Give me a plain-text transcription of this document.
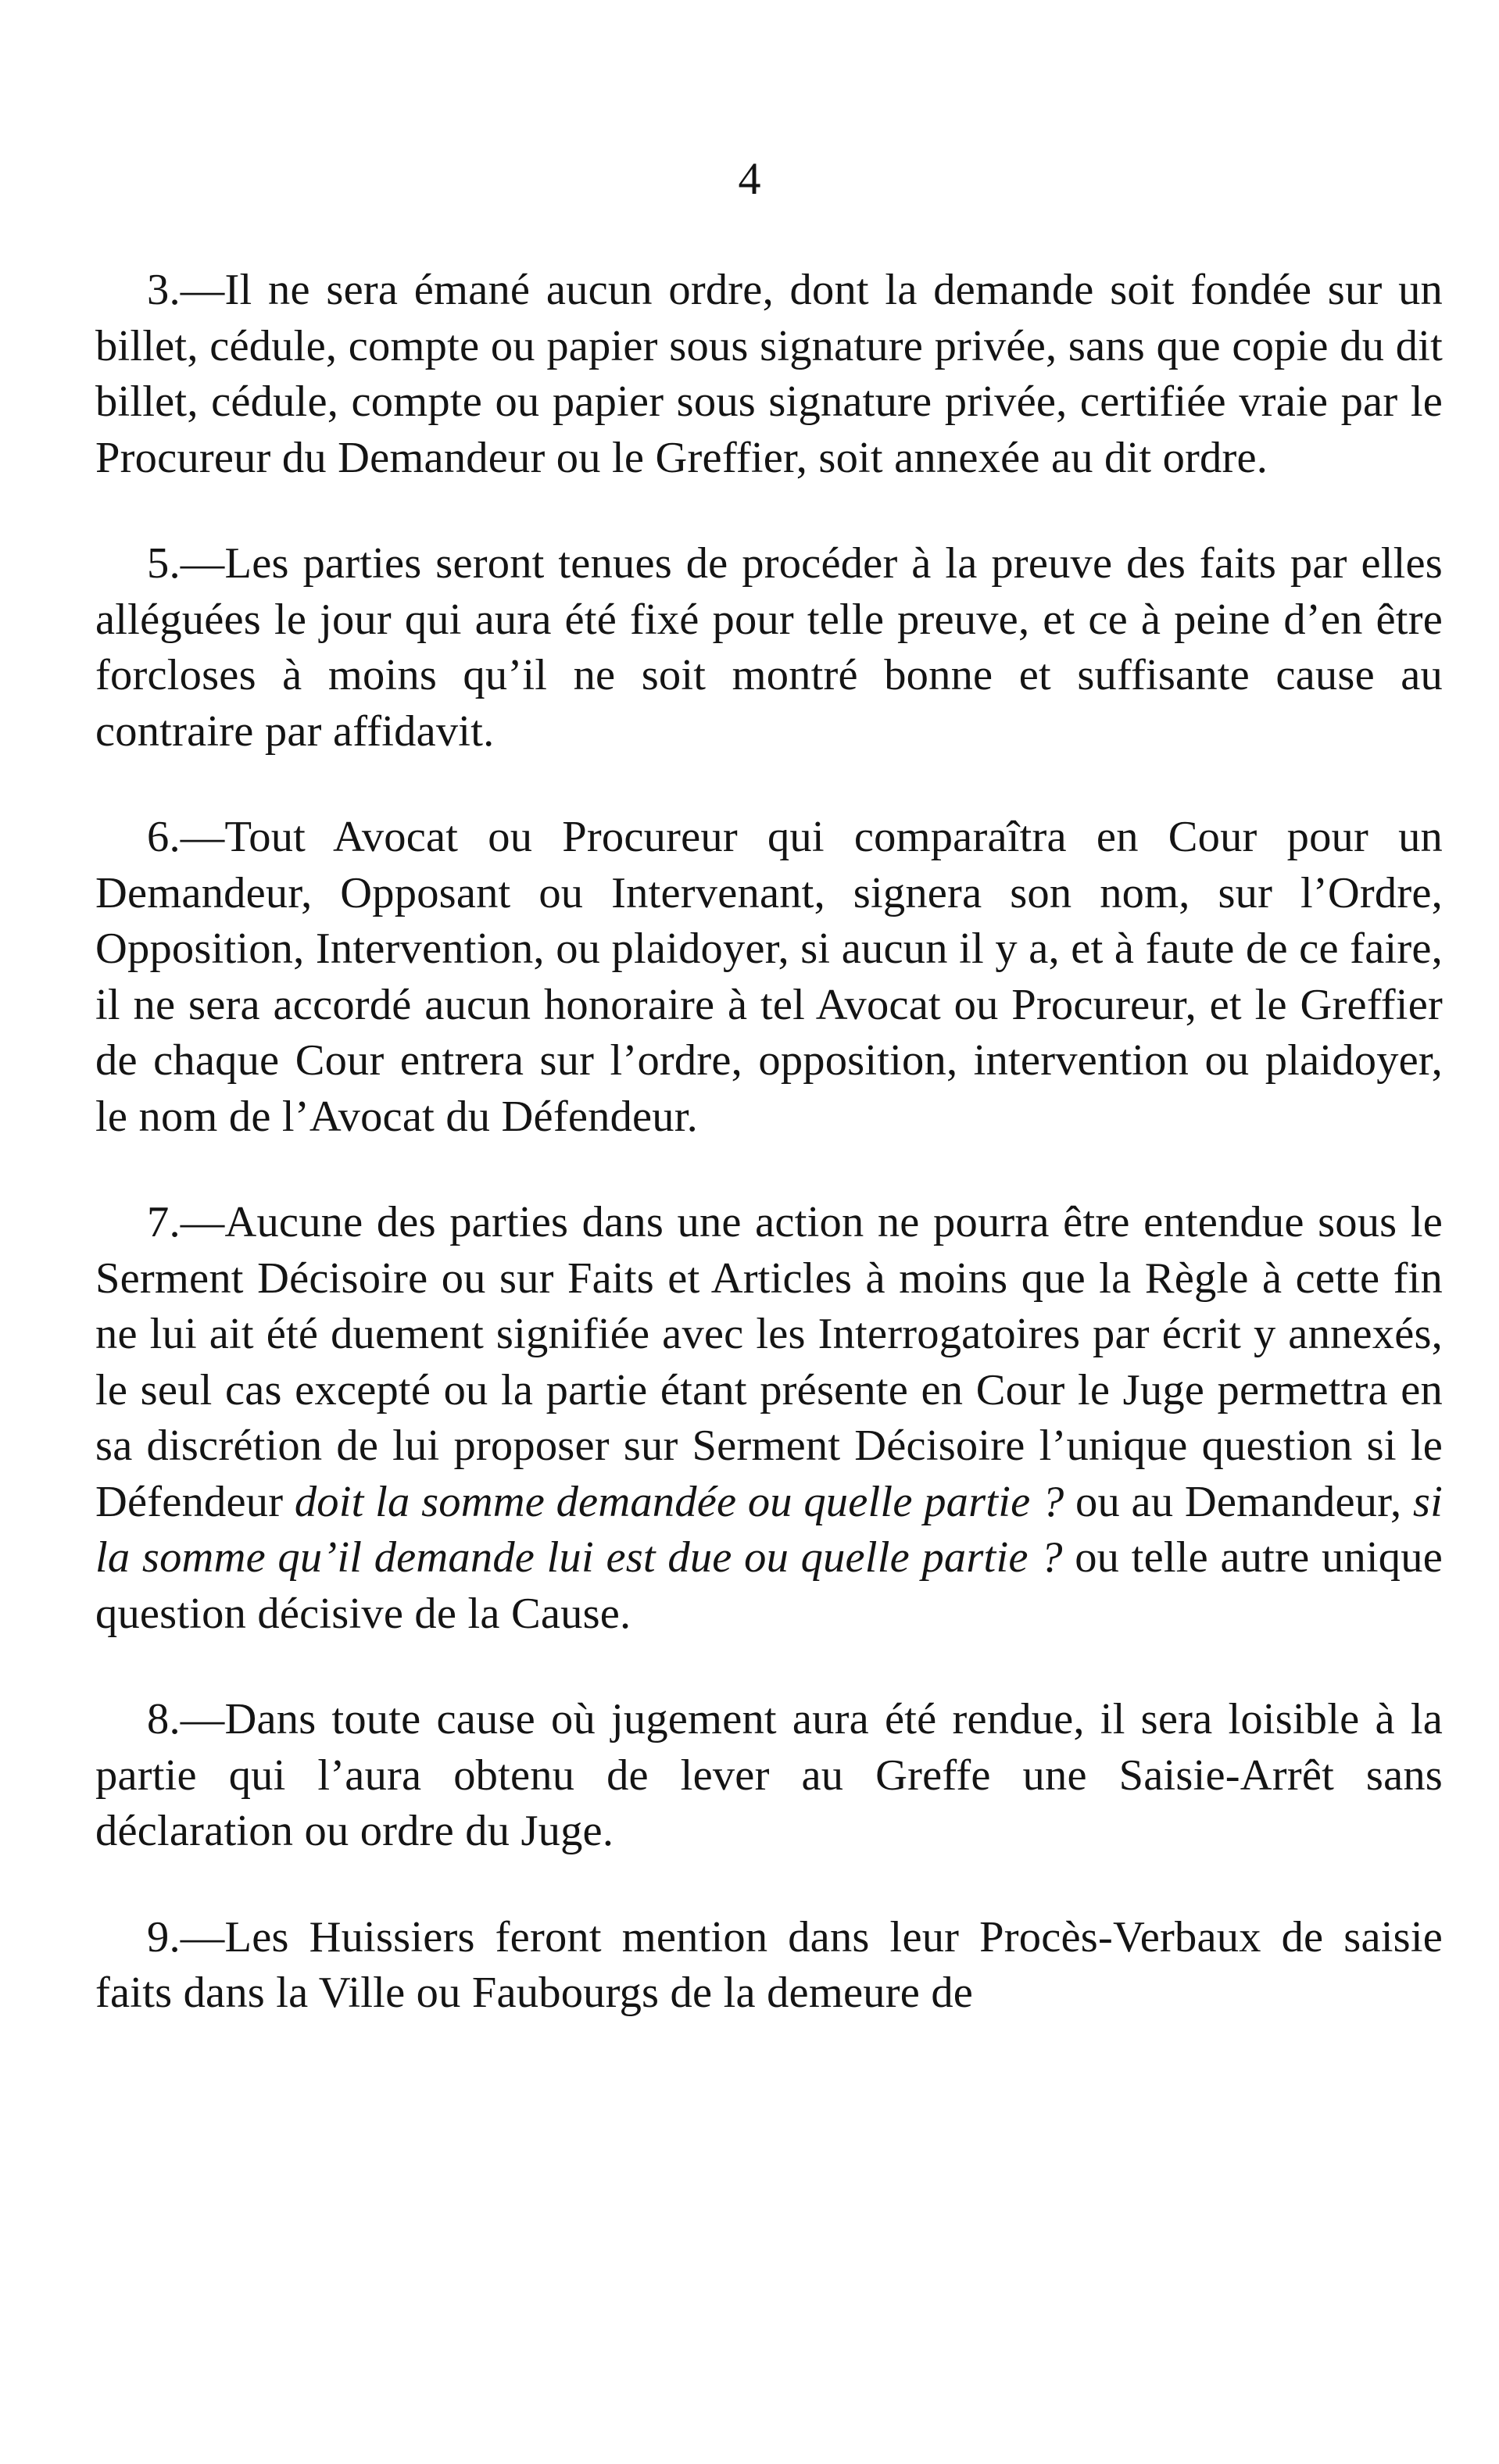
4

3.—Il ne sera émané aucun ordre, dont la demande soit fondée sur un billet, cédule, compte ou papier sous signature privée, sans que copie du dit billet, cédule, compte ou papier sous signature privée, certifiée vraie par le Procureur du Demandeur ou le Greffier, soit annexée au dit ordre.

5.—Les parties seront tenues de procéder à la preuve des faits par elles alléguées le jour qui aura été fixé pour telle preuve, et ce à peine d’en être forcloses à moins qu’il ne soit montré bonne et suffisante cause au contraire par affidavit.

6.—Tout Avocat ou Procureur qui comparaîtra en Cour pour un Demandeur, Opposant ou Intervenant, signera son nom, sur l’Ordre, Opposition, Intervention, ou plaidoyer, si aucun il y a, et à faute de ce faire, il ne sera accordé aucun honoraire à tel Avocat ou Procureur, et le Greffier de chaque Cour entrera sur l’ordre, opposition, intervention ou plaidoyer, le nom de l’Avocat du Défendeur.

7.—Aucune des parties dans une action ne pourra être entendue sous le Serment Décisoire ou sur Faits et Articles à moins que la Règle à cette fin ne lui ait été duement signifiée avec les Interrogatoires par écrit y annexés, le seul cas excepté ou la partie étant présente en Cour le Juge permettra en sa discrétion de lui proposer sur Serment Décisoire l’unique question si le Défendeur doit la somme demandée ou quelle partie ? ou au Demandeur, si la somme qu’il demande lui est due ou quelle partie ? ou telle autre unique question décisive de la Cause.

8.—Dans toute cause où jugement aura été rendue, il sera loisible à la partie qui l’aura obtenu de lever au Greffe une Saisie-Arrêt sans déclaration ou ordre du Juge.

9.—Les Huissiers feront mention dans leur Procès-Verbaux de saisie faits dans la Ville ou Faubourgs de la demeure de
